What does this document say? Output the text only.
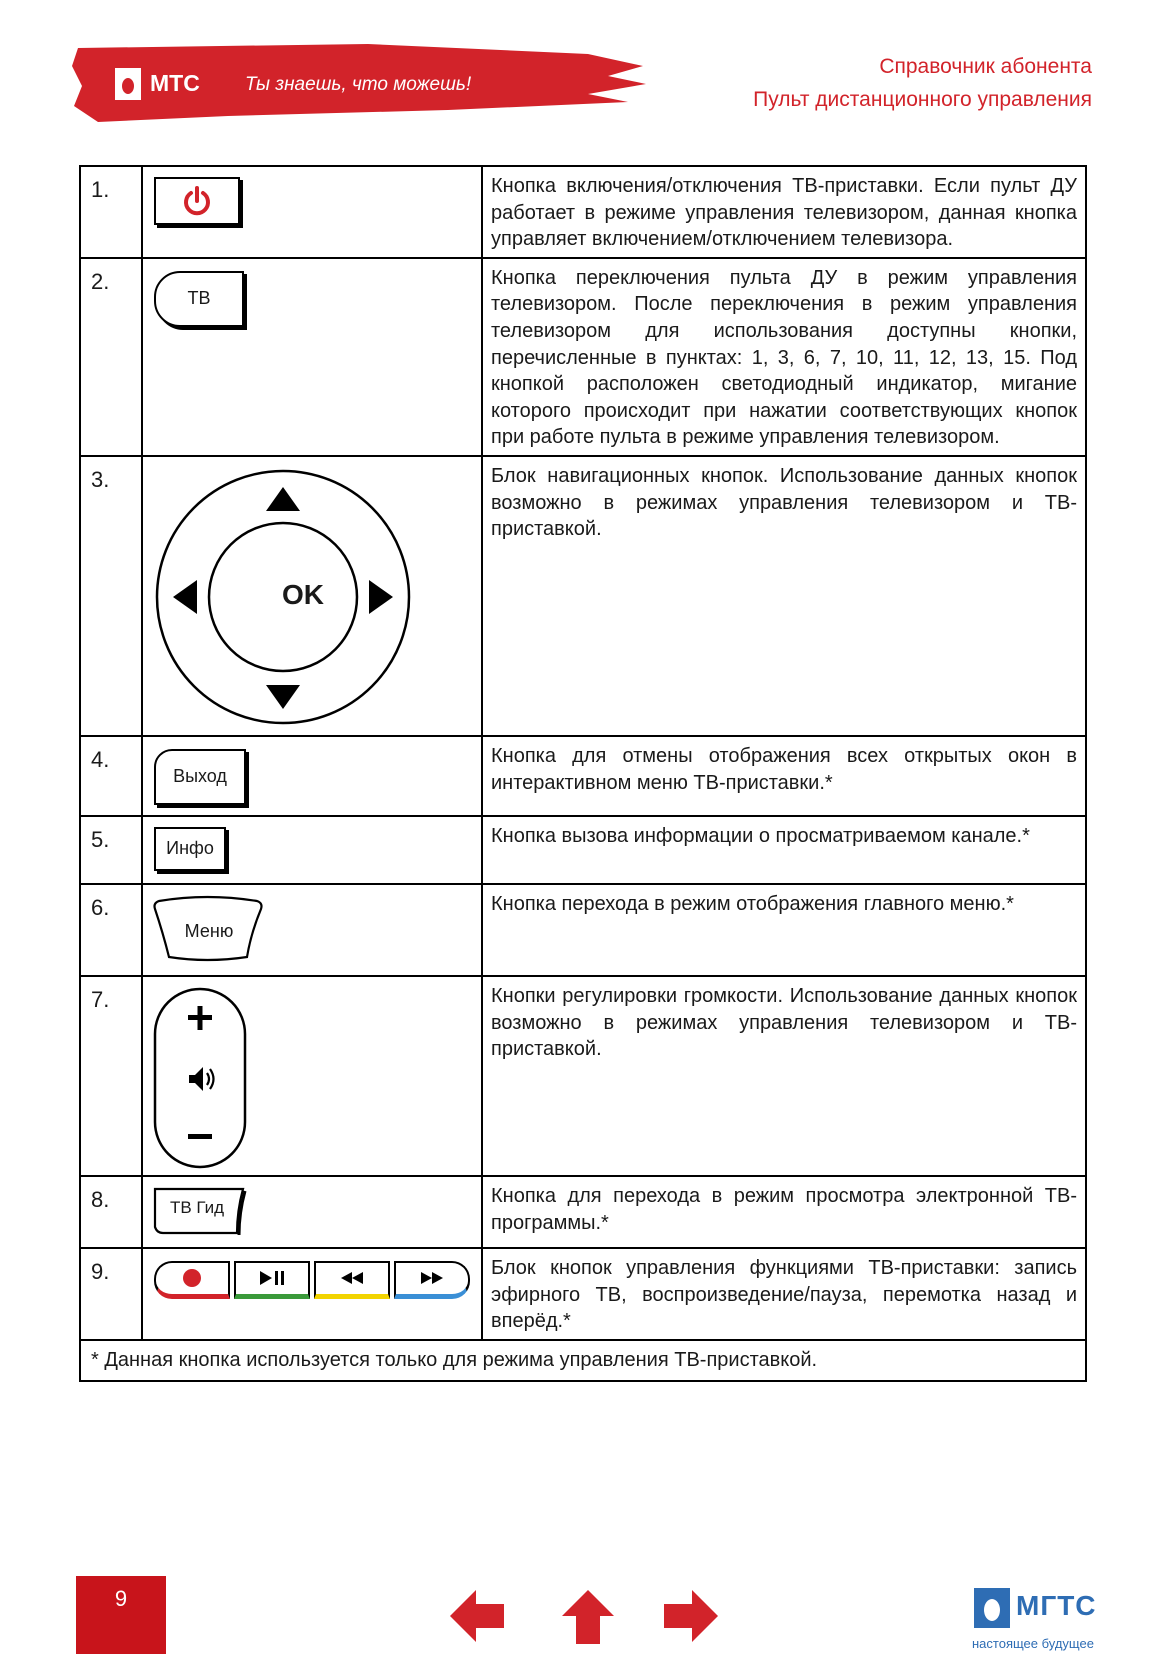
МТС Ты знаешь, что можешь!
Справочник абонента
Пульт дистанционного управления
1.		Кнопка включения/отключения ТВ-приставки. Если пульт ДУ работает в режиме управления телевизором, данная кнопка управляет включением/отключением телевизора.
2.	ТВ	Кнопка переключения пульта ДУ в режим управления телевизором. После переключения в режим управления телевизором для использования доступны кнопки, перечисленные в пунктах: 1, 3, 6, 7, 10, 11, 12, 13, 15. Под кнопкой расположен светодиодный индикатор, мигание которого происходит при нажатии соответствующих кнопок при работе пульта в режиме управления телевизором.
3.	OK	Блок навигационных кнопок. Использование данных кнопок возможно в режимах управления телевизором и ТВ-приставкой.
4.	Выход	Кнопка для отмены отображения всех открытых окон в интерактивном меню ТВ-приставки.*
5.	Инфо	Кнопка вызова информации о просматриваемом канале.*
6.	Меню	Кнопка перехода в режим отображения главного меню.*
7.		Кнопки регулировки громкости. Использование данных кнопок возможно в режимах управления телевизором и ТВ-приставкой.
8.	ТВ Гид	Кнопка для перехода в режим просмотра электронной ТВ-программы.*
9.		Блок кнопок управления функциями ТВ-приставки: запись эфирного ТВ, воспроизведение/пауза, перемотка назад и вперёд.*
* Данная кнопка используется только для режима управления ТВ-приставкой.		
9	МГТС
настоящее будущее
